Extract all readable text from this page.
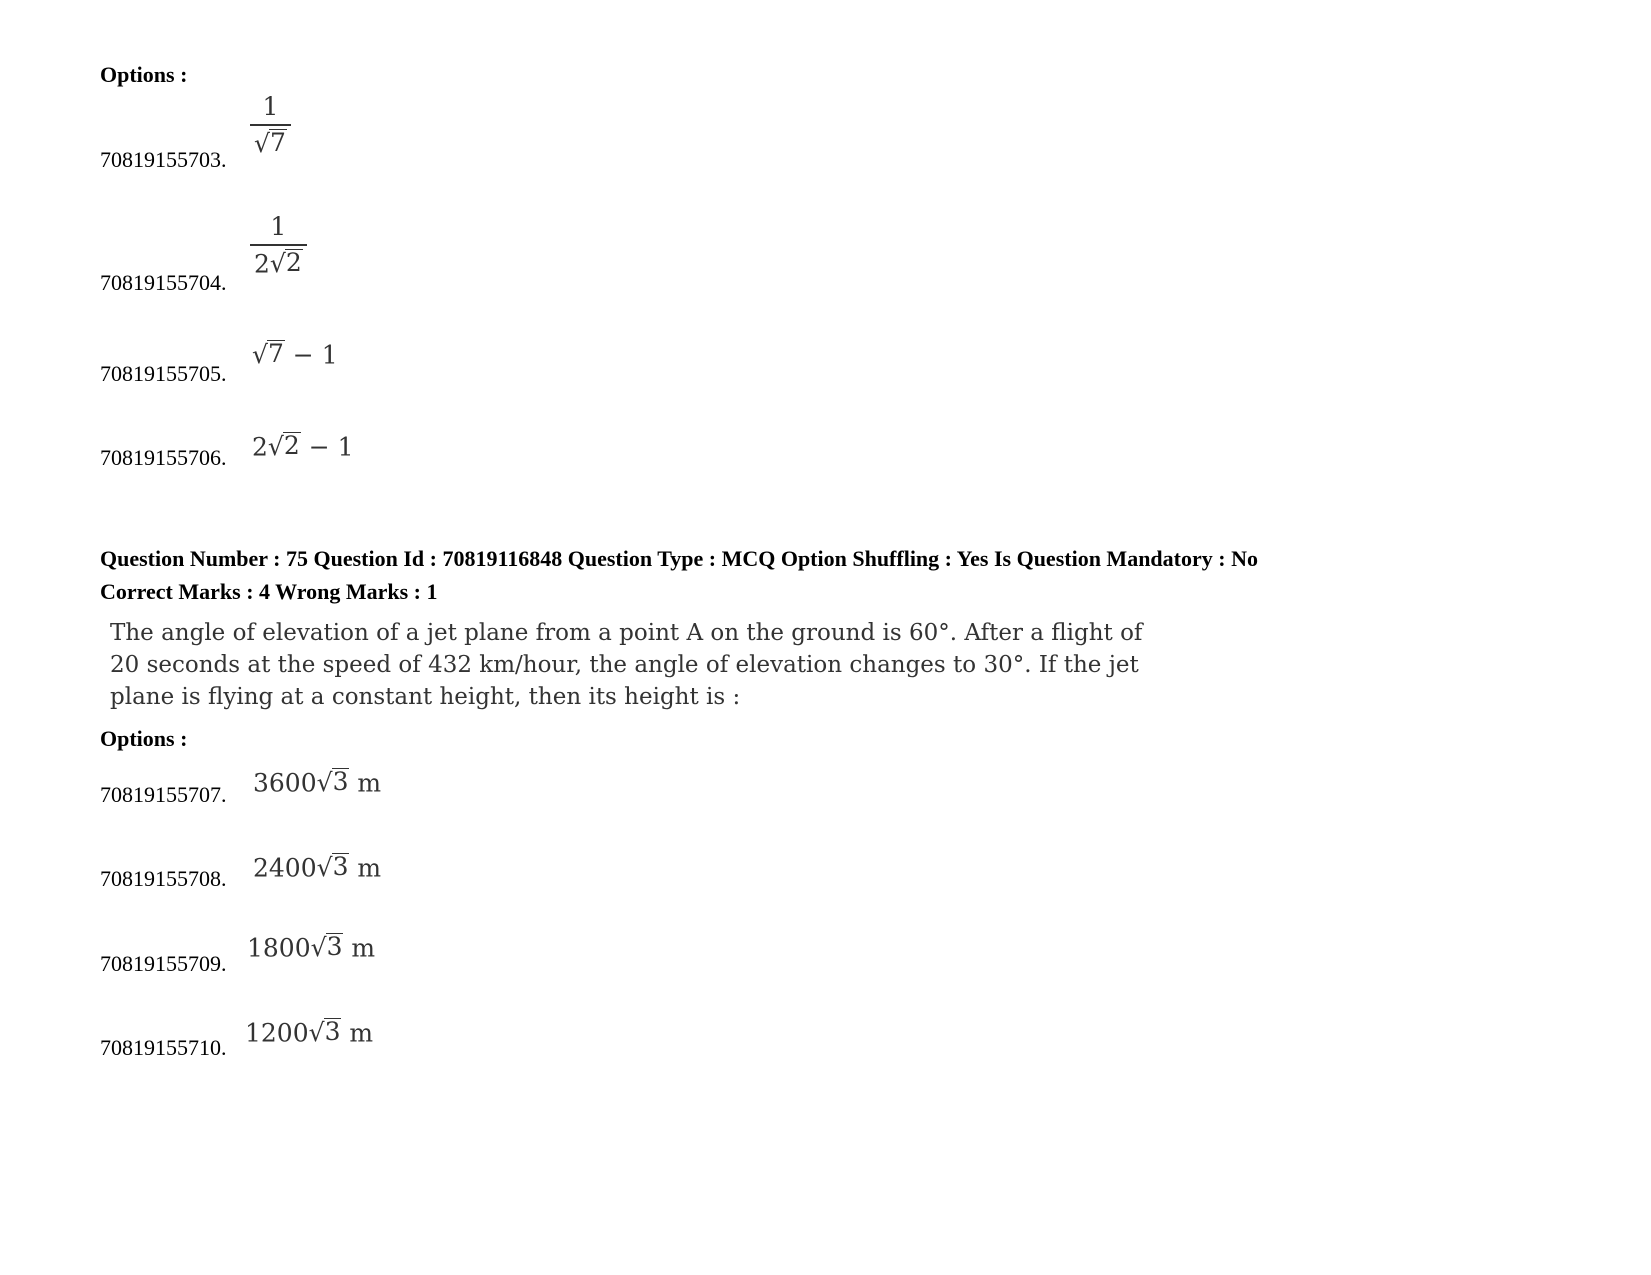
Options :
70819155703.
$\frac{1}{√ 7}$
70819155704.
$\frac{1}{2 √ 2}$
70819155705.
√ 7 − 1
70819155706. 2 √ 2 − 1
Question Number : 75 Question Id : 70819116848 Question Type : MCQ Option Shuffling : Yes Is Question Mandatory : No
Correct Marks : 4 Wrong Marks : 1
The angle of elevation of a jet plane from a point A on the ground is 60°. After a flight of
20 seconds at the speed of 432 km/hour, the angle of elevation changes to 30°. If the jet
plane is flying at a constant height, then its height is :
Options :
70819155707. 3600 √ 3 m
70819155708. 2400 √ 3 m
70819155709.
1800 √ 3 m
70819155710.
1200 √ 3 m
